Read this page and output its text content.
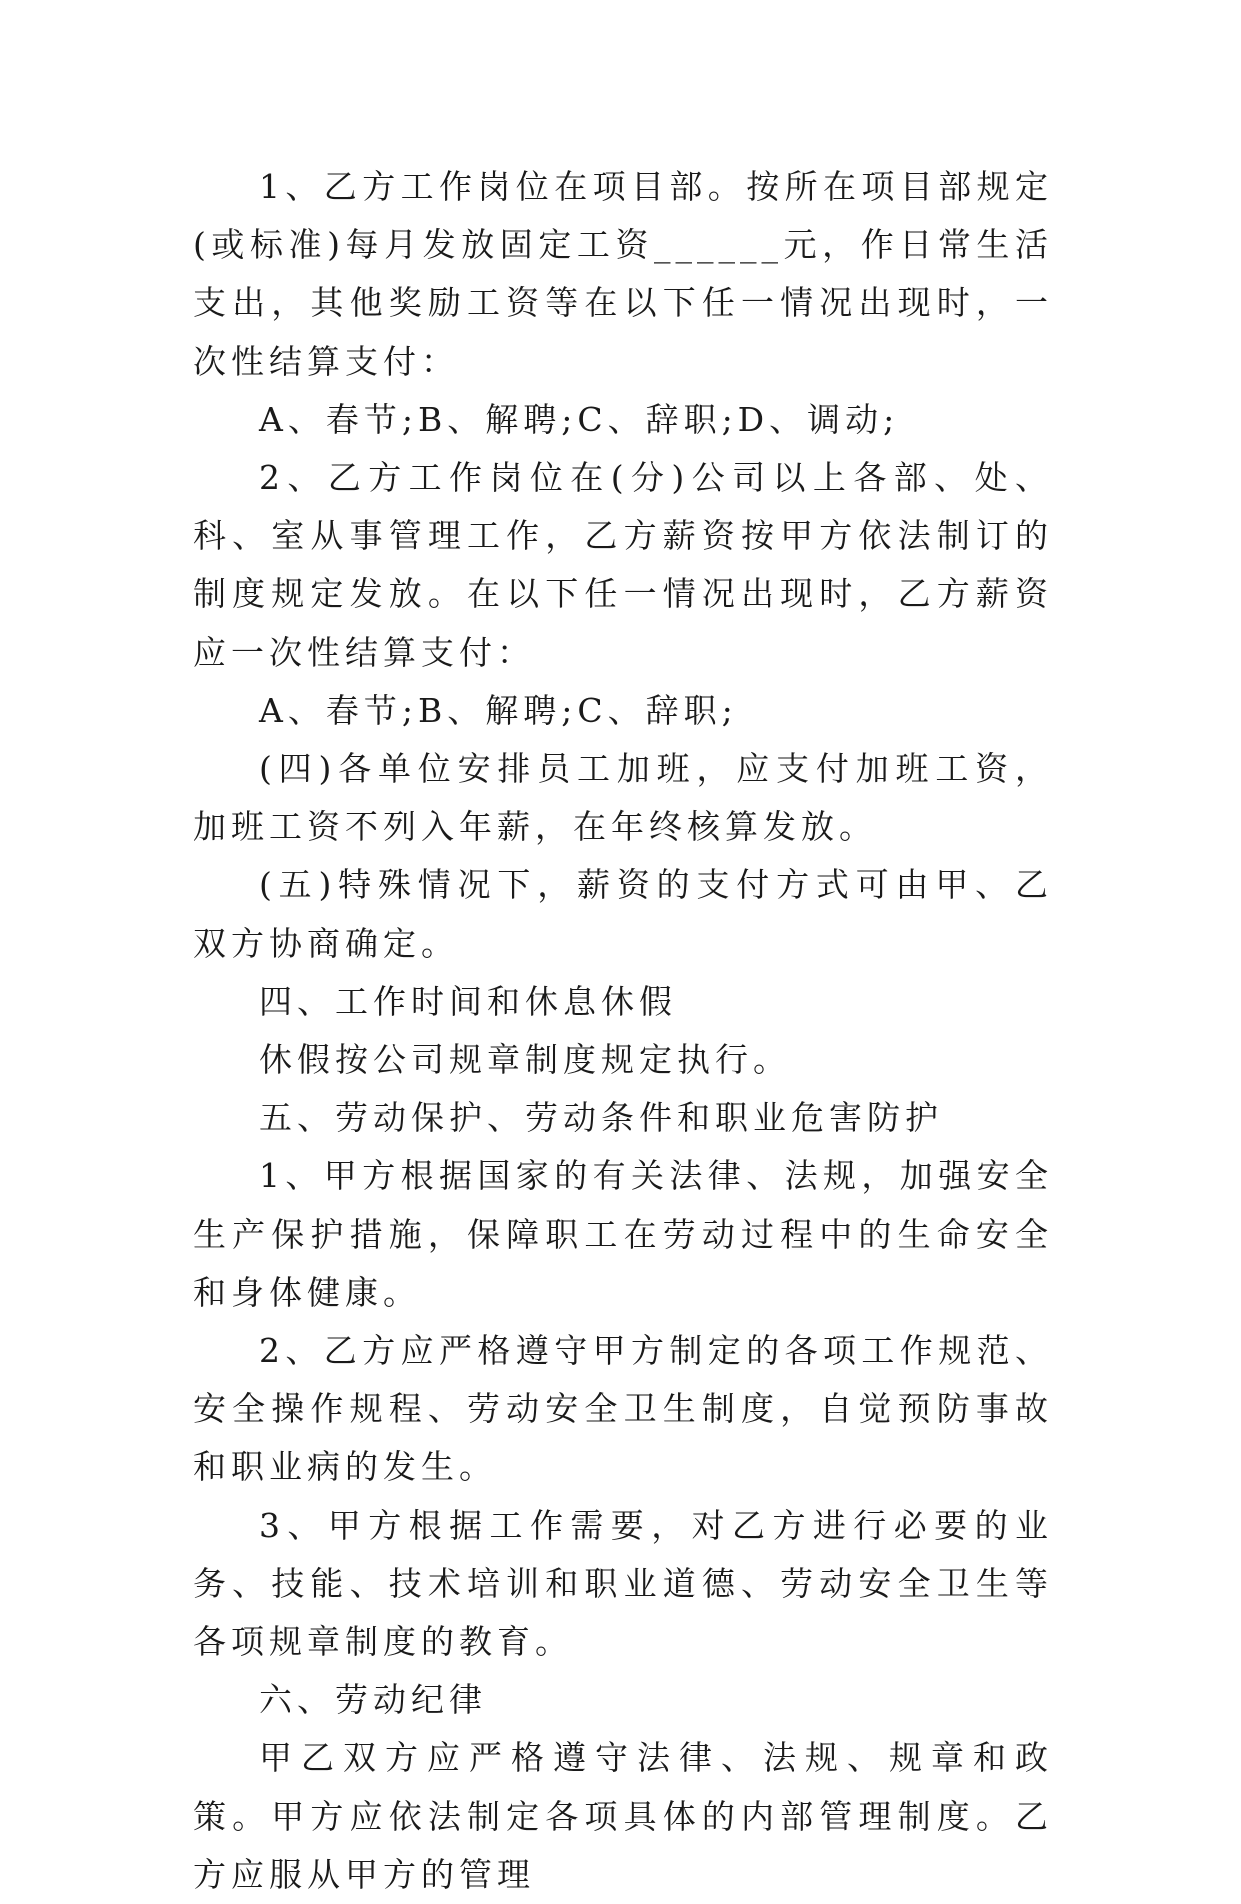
1、乙方工作岗位在项目部。按所在项目部规定(或标准)每月发放固定工资______元，作日常生活支出，其他奖励工资等在以下任一情况出现时，一次性结算支付：

A、春节;B、解聘;C、辞职;D、调动;

2、乙方工作岗位在(分)公司以上各部、处、科、室从事管理工作，乙方薪资按甲方依法制订的制度规定发放。在以下任一情况出现时，乙方薪资应一次性结算支付：

A、春节;B、解聘;C、辞职;

(四)各单位安排员工加班，应支付加班工资，加班工资不列入年薪，在年终核算发放。

(五)特殊情况下，薪资的支付方式可由甲、乙双方协商确定。

四、工作时间和休息休假

休假按公司规章制度规定执行。

五、劳动保护、劳动条件和职业危害防护

1、甲方根据国家的有关法律、法规，加强安全生产保护措施，保障职工在劳动过程中的生命安全和身体健康。

2、乙方应严格遵守甲方制定的各项工作规范、安全操作规程、劳动安全卫生制度，自觉预防事故和职业病的发生。

3、甲方根据工作需要，对乙方进行必要的业务、技能、技术培训和职业道德、劳动安全卫生等各项规章制度的教育。

六、劳动纪律

甲乙双方应严格遵守法律、法规、规章和政策。甲方应依法制定各项具体的内部管理制度。乙方应服从甲方的管理
